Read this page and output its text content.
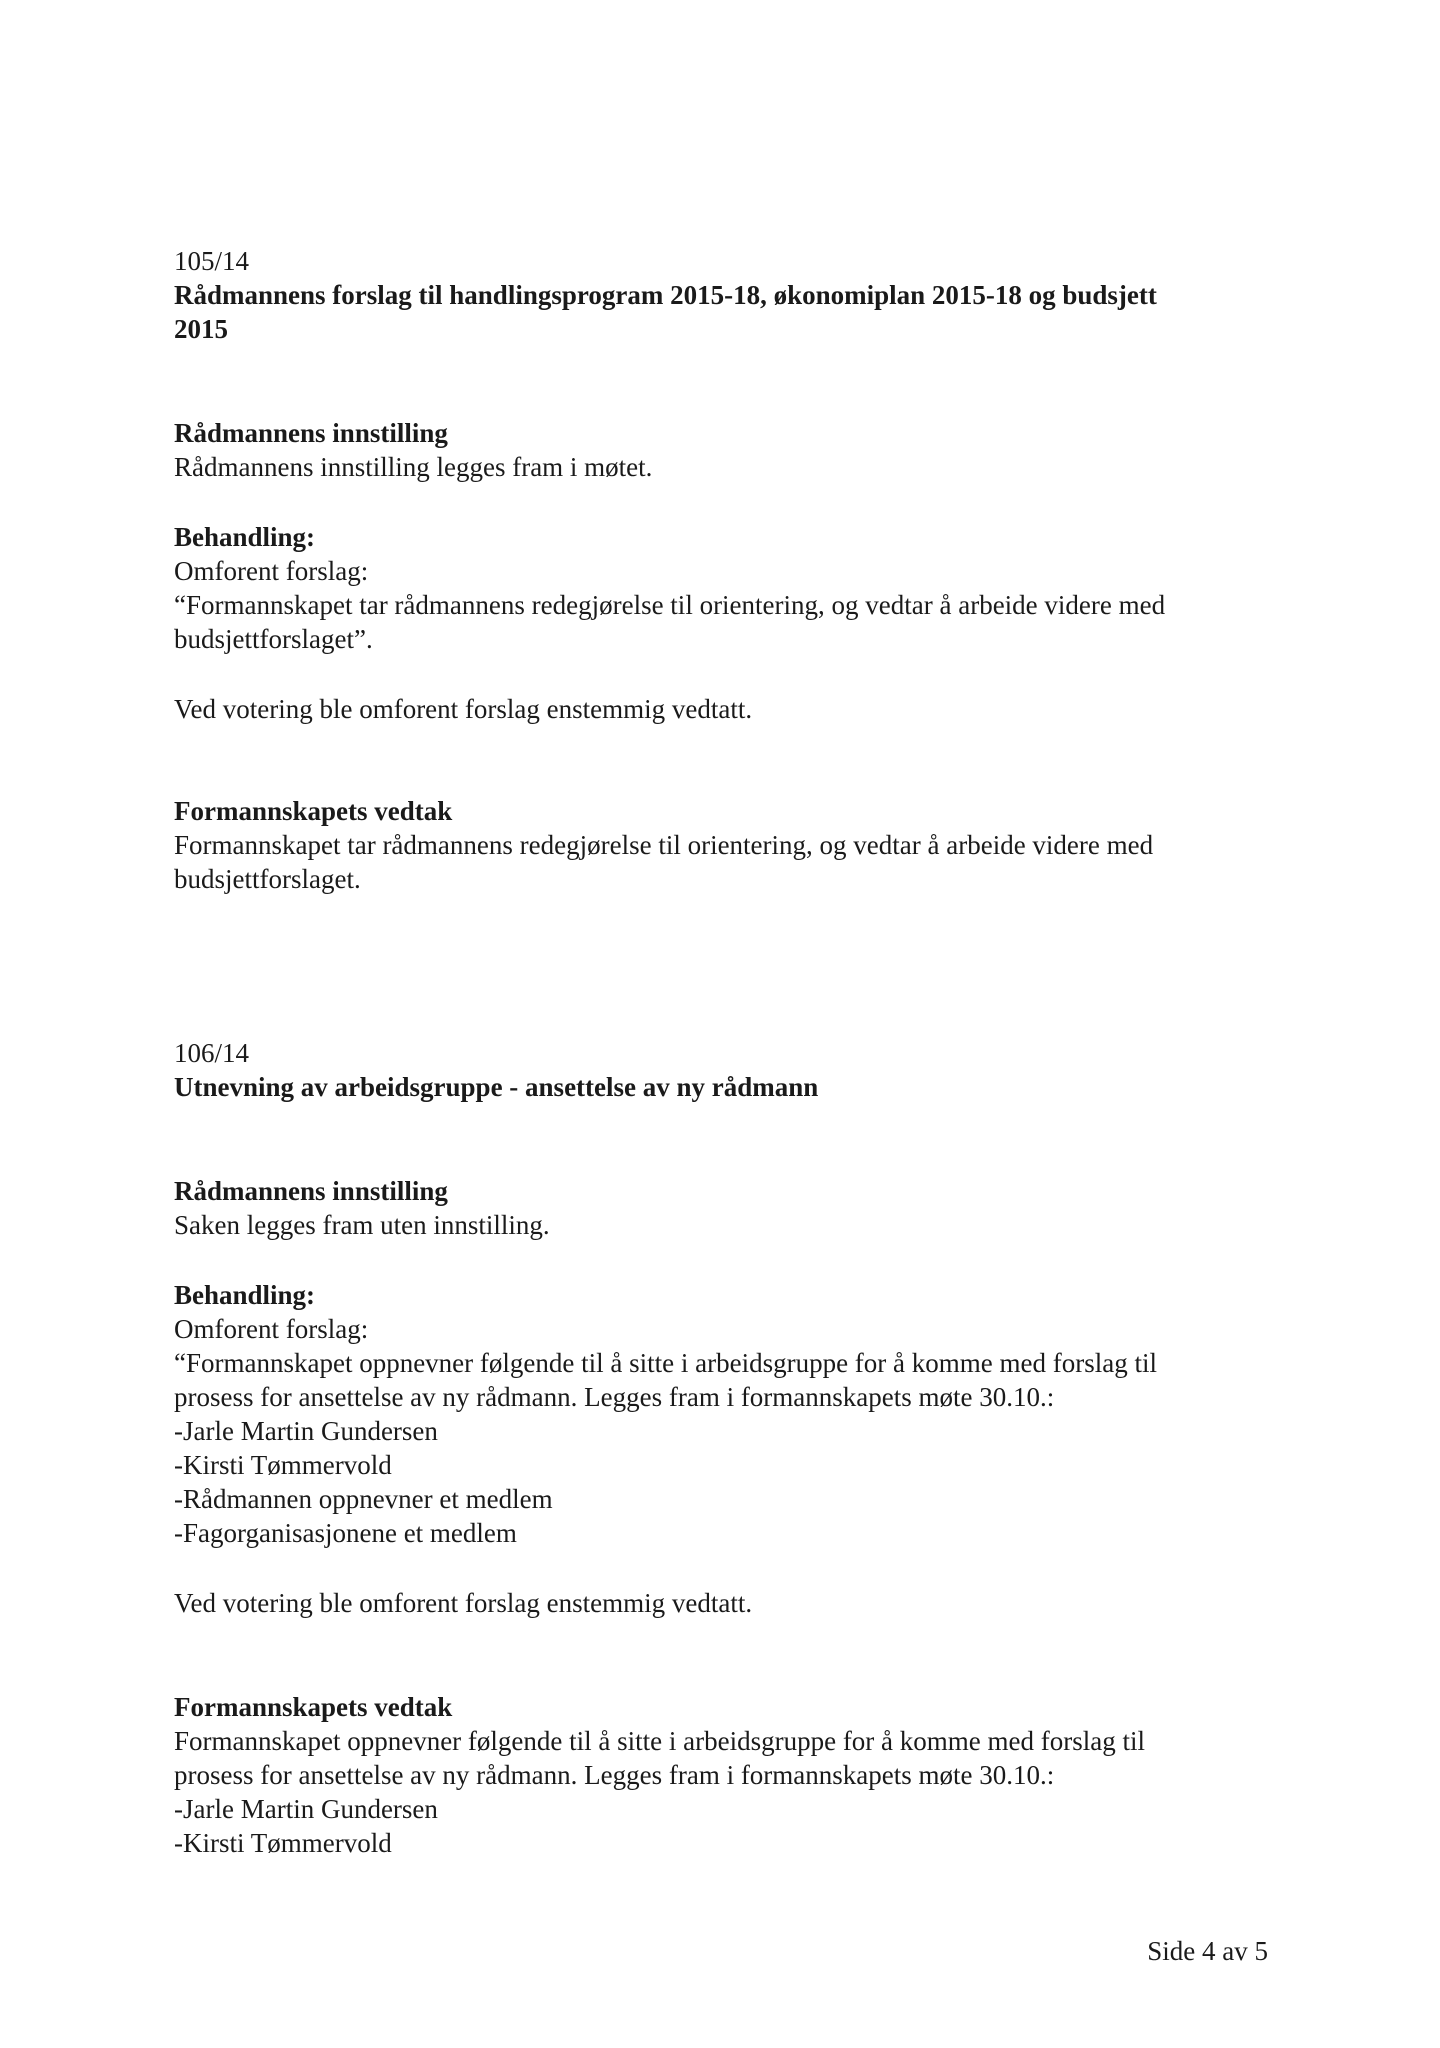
105/14
Rådmannens forslag til handlingsprogram 2015-18, økonomiplan 2015-18 og budsjett
2015
Rådmannens innstilling
Rådmannens innstilling legges fram i møtet.
Behandling:
Omforent forslag:
“Formannskapet tar rådmannens redegjørelse til orientering, og vedtar å arbeide videre med
budsjettforslaget”.
Ved votering ble omforent forslag enstemmig vedtatt.
Formannskapets vedtak
Formannskapet tar rådmannens redegjørelse til orientering, og vedtar å arbeide videre med
budsjettforslaget.
106/14
Utnevning av arbeidsgruppe - ansettelse av ny rådmann
Rådmannens innstilling
Saken legges fram uten innstilling.
Behandling:
Omforent forslag:
“Formannskapet oppnevner følgende til å sitte i arbeidsgruppe for å komme med forslag til
prosess for ansettelse av ny rådmann. Legges fram i formannskapets møte 30.10.:
-Jarle Martin Gundersen
-Kirsti Tømmervold
-Rådmannen oppnevner et medlem
-Fagorganisasjonene et medlem
Ved votering ble omforent forslag enstemmig vedtatt.
Formannskapets vedtak
Formannskapet oppnevner følgende til å sitte i arbeidsgruppe for å komme med forslag til
prosess for ansettelse av ny rådmann. Legges fram i formannskapets møte 30.10.:
-Jarle Martin Gundersen
-Kirsti Tømmervold
Side 4 av 5
